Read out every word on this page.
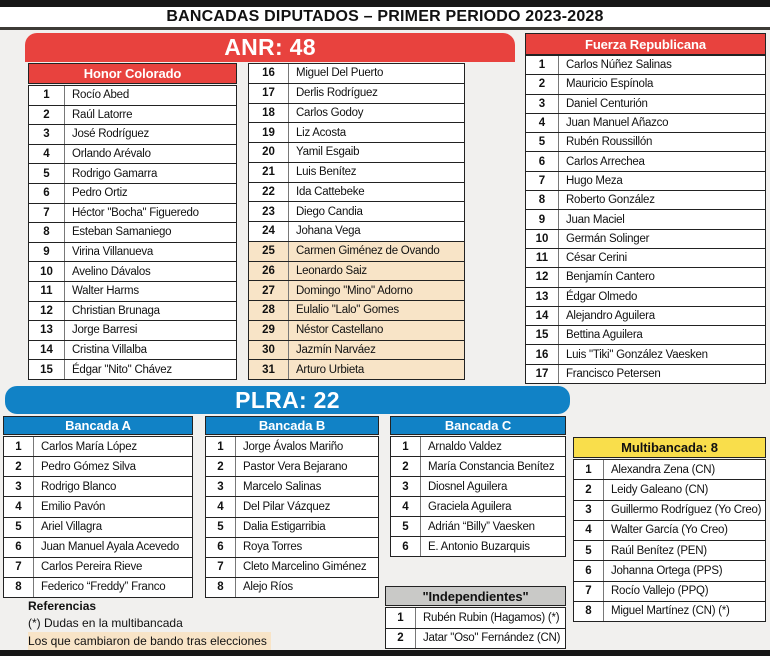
BANCADAS DIPUTADOS – PRIMER PERIODO 2023-2028
ANR: 48
Honor Colorado
1	Rocío Abed
2	Raúl Latorre
3	José Rodríguez
4	Orlando Arévalo
5	Rodrigo Gamarra
6	Pedro Ortiz
7	Héctor "Bocha" Figueredo
8	Esteban Samaniego
9	Virina Villanueva
10	Avelino Dávalos
11	Walter Harms
12	Christian Brunaga
13	Jorge Barresi
14	Cristina Villalba
15	Édgar "Nito" Chávez
16	Miguel Del Puerto
17	Derlis Rodríguez
18	Carlos Godoy
19	Liz Acosta
20	Yamil Esgaib
21	Luis Benítez
22	Ida Cattebeke
23	Diego Candia
24	Johana Vega
25	Carmen Giménez de Ovando
26	Leonardo Saiz
27	Domingo "Mino" Adorno
28	Eulalio "Lalo" Gomes
29	Néstor Castellano
30	Jazmín Narváez
31	Arturo Urbieta
Fuerza Republicana
1	Carlos Núñez Salinas
2	Mauricio Espínola
3	Daniel Centurión
4	Juan Manuel Añazco
5	Rubén Roussillón
6	Carlos Arrechea
7	Hugo Meza
8	Roberto González
9	Juan Maciel
10	Germán Solinger
11	César Cerini
12	Benjamín Cantero
13	Édgar Olmedo
14	Alejandro Aguilera
15	Bettina Aguilera
16	Luis "Tiki" González Vaesken
17	Francisco Petersen
PLRA: 22
Bancada A
1	Carlos María López
2	Pedro Gómez Silva
3	Rodrigo Blanco
4	Emilio Pavón
5	Ariel Villagra
6	Juan Manuel Ayala Acevedo
7	Carlos Pereira Rieve
8	Federico “Freddy” Franco
Bancada B
1	Jorge Ávalos Mariño
2	Pastor Vera Bejarano
3	Marcelo Salinas
4	Del Pilar Vázquez
5	Dalia Estigarribia
6	Roya Torres
7	Cleto Marcelino Giménez
8	Alejo Ríos
Bancada C
1	Arnaldo Valdez
2	María Constancia Benítez
3	Diosnel Aguilera
4	Graciela Aguilera
5	Adrián “Billy” Vaesken
6	E. Antonio Buzarquis
Multibancada: 8
1	Alexandra Zena (CN)
2	Leidy Galeano (CN)
3	Guillermo Rodríguez (Yo Creo)
4	Walter García (Yo Creo)
5	Raúl Benítez (PEN)
6	Johanna Ortega (PPS)
7	Rocío Vallejo (PPQ)
8	Miguel Martínez (CN) (*)
"Independientes"
1	Rubén Rubin (Hagamos) (*)
2	Jatar "Oso" Fernández (CN)
Referencias
(*) Dudas en la multibancada
Los que cambiaron de bando tras elecciones
